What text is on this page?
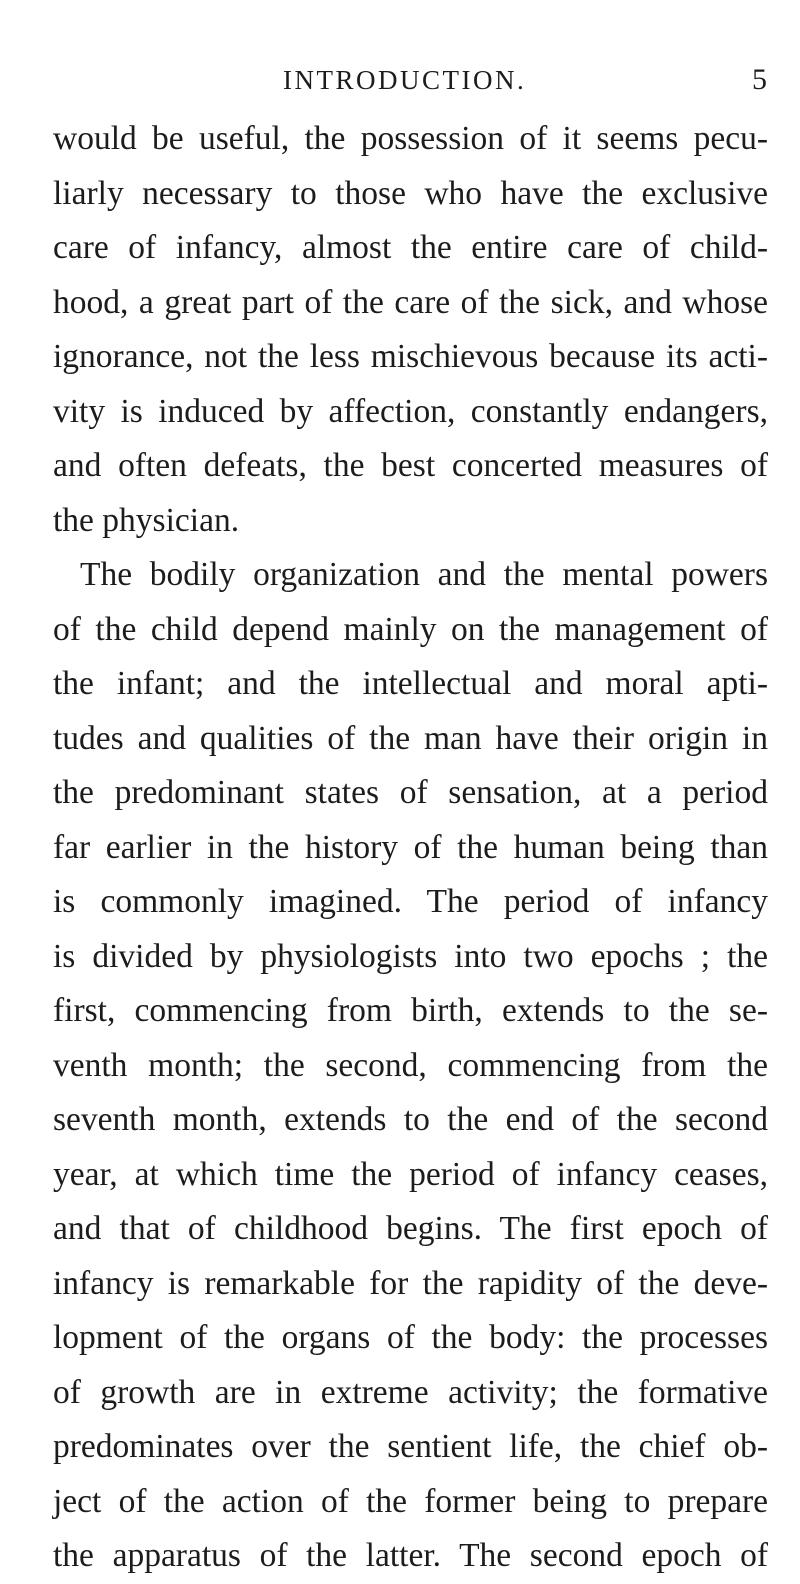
INTRODUCTION.	5
would be useful, the possession of it seems pecu-
liarly necessary to those who have the exclusive
care of infancy, almost the entire care of child-
hood, a great part of the care of the sick, and whose
ignorance, not the less mischievous because its acti-
vity is induced by affection, constantly endangers,
and often defeats, the best concerted measures of
the physician.
The bodily organization and the mental powers
of the child depend mainly on the management of
the infant; and the intellectual and moral apti-
tudes and qualities of the man have their origin in
the predominant states of sensation, at a period
far earlier in the history of the human being than
is commonly imagined. The period of infancy
is divided by physiologists into two epochs ; the
first, commencing from birth, extends to the se-
venth month; the second, commencing from the
seventh month, extends to the end of the second
year, at which time the period of infancy ceases,
and that of childhood begins. The first epoch of
infancy is remarkable for the rapidity of the deve-
lopment of the organs of the body: the processes
of growth are in extreme activity; the formative
predominates over the sentient life, the chief ob-
ject of the action of the former being to prepare
the apparatus of the latter. The second epoch of
